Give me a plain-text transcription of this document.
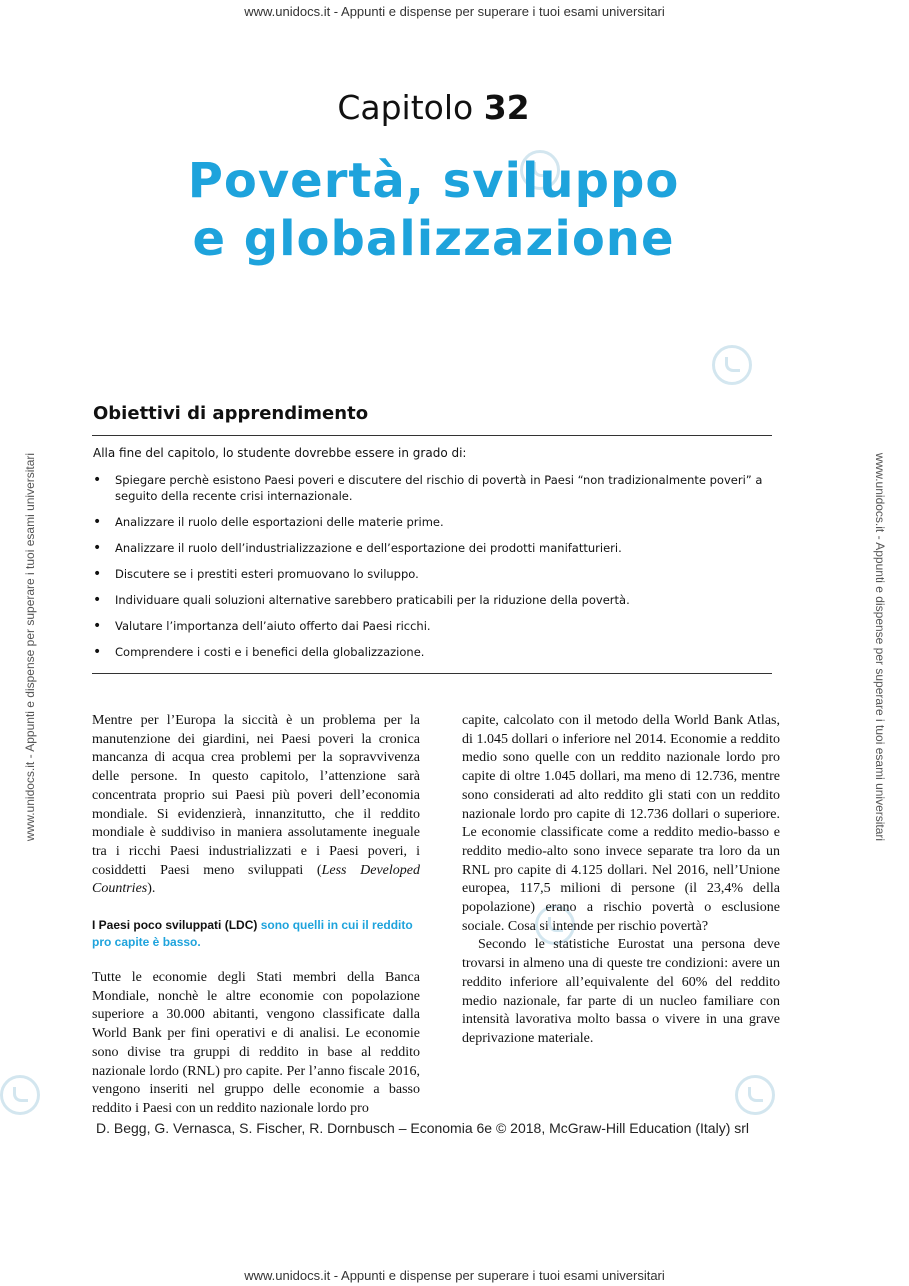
www.unidocs.it - Appunti e dispense per superare i tuoi esami universitari
www.unidocs.it - Appunti e dispense per superare i tuoi esami universitari
www.unidocs.it - Appunti e dispense per superare i tuoi esami universitari	www.unidocs.it - Appunti e dispense per superare i tuoi esami universitari
Capitolo 32
Povertà, sviluppo
e globalizzazione
Obiettivi di apprendimento
Alla fine del capitolo, lo studente dovrebbe essere in grado di:
• Spiegare perchè esistono Paesi poveri e discutere del rischio di povertà in Paesi “non tradizionalmente poveri” a seguito della recente crisi internazionale.
• Analizzare il ruolo delle esportazioni delle materie prime.
• Analizzare il ruolo dell’industrializzazione e dell’esportazione dei prodotti manifatturieri.
• Discutere se i prestiti esteri promuovano lo sviluppo.
• Individuare quali soluzioni alternative sarebbero praticabili per la riduzione della povertà.
• Valutare l’importanza dell’aiuto offerto dai Paesi ricchi.
• Comprendere i costi e i benefici della globalizzazione.

Mentre per l’Europa la siccità è un problema per la manutenzione dei giardini, nei Paesi poveri la cronica mancanza di acqua crea problemi per la sopravvivenza delle persone. In questo capitolo, l’attenzione sarà concentrata proprio sui Paesi più poveri dell’economia mondiale. Si evidenzierà, innanzitutto, che il reddito mondiale è suddiviso in maniera assolutamente ineguale tra i ricchi Paesi industrializzati e i Paesi poveri, i cosiddetti Paesi meno sviluppati (Less Developed Countries).

I Paesi poco sviluppati (LDC) sono quelli in cui il reddito pro capite è basso.

Tutte le economie degli Stati membri della Banca Mondiale, nonchè le altre economie con popolazione superiore a 30.000 abitanti, vengono classificate dalla World Bank per fini operativi e di analisi. Le economie sono divise tra gruppi di reddito in base al reddito nazionale lordo (RNL) pro capite. Per l’anno fiscale 2016, vengono inseriti nel gruppo delle economie a basso reddito i Paesi con un reddito nazionale lordo pro

capite, calcolato con il metodo della World Bank Atlas, di 1.045 dollari o inferiore nel 2014. Economie a reddito medio sono quelle con un reddito nazionale lordo pro capite di oltre 1.045 dollari, ma meno di 12.736, mentre sono considerati ad alto reddito gli stati con un reddito nazionale lordo pro capite di 12.736 dollari o superiore. Le economie classificate come a reddito medio-basso e reddito medio-alto sono invece separate tra loro da un RNL pro capite di 4.125 dollari. Nel 2016, nell’Unione europea, 117,5 milioni di persone (il 23,4% della popolazione) erano a rischio povertà o esclusione sociale. Cosa si intende per rischio povertà?

Secondo le statistiche Eurostat una persona deve trovarsi in almeno una di queste tre condizioni: avere un reddito inferiore all’equivalente del 60% del reddito medio nazionale, far parte di un nucleo familiare con intensità lavorativa molto bassa o vivere in una grave deprivazione materiale.

D. Begg, G. Vernasca, S. Fischer, R. Dornbusch – Economia 6e © 2018, McGraw-Hill Education (Italy) srl
